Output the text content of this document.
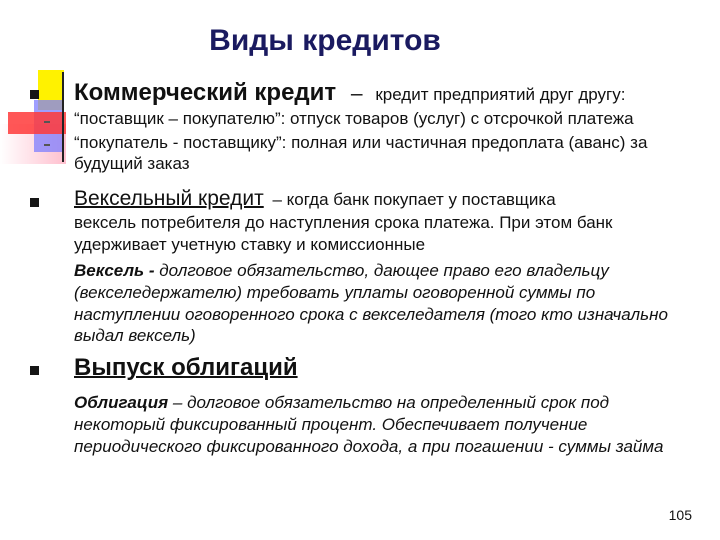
Виды кредитов
Коммерческий кредит – кредит предприятий друг другу:
“поставщик – покупателю”: отпуск товаров (услуг) с отсрочкой платежа
“покупатель - поставщику”: полная или частичная предоплата (аванс) за
будущий заказ
Вексельный кредит – когда банк покупает у поставщика
вексель потребителя до наступления срока платежа. При этом банк
удерживает учетную ставку и комиссионные
Вексель - долговое обязательство, дающее право его владельцу
(векселедержателю) требовать уплаты оговоренной суммы по
наступлении оговоренного срока с векселедателя (того кто изначально
выдал вексель)
Выпуск облигаций
Облигация – долговое обязательство на определенный срок под
некоторый фиксированный процент. Обеспечивает получение
периодического фиксированного дохода, а при погашении - суммы займа
105
